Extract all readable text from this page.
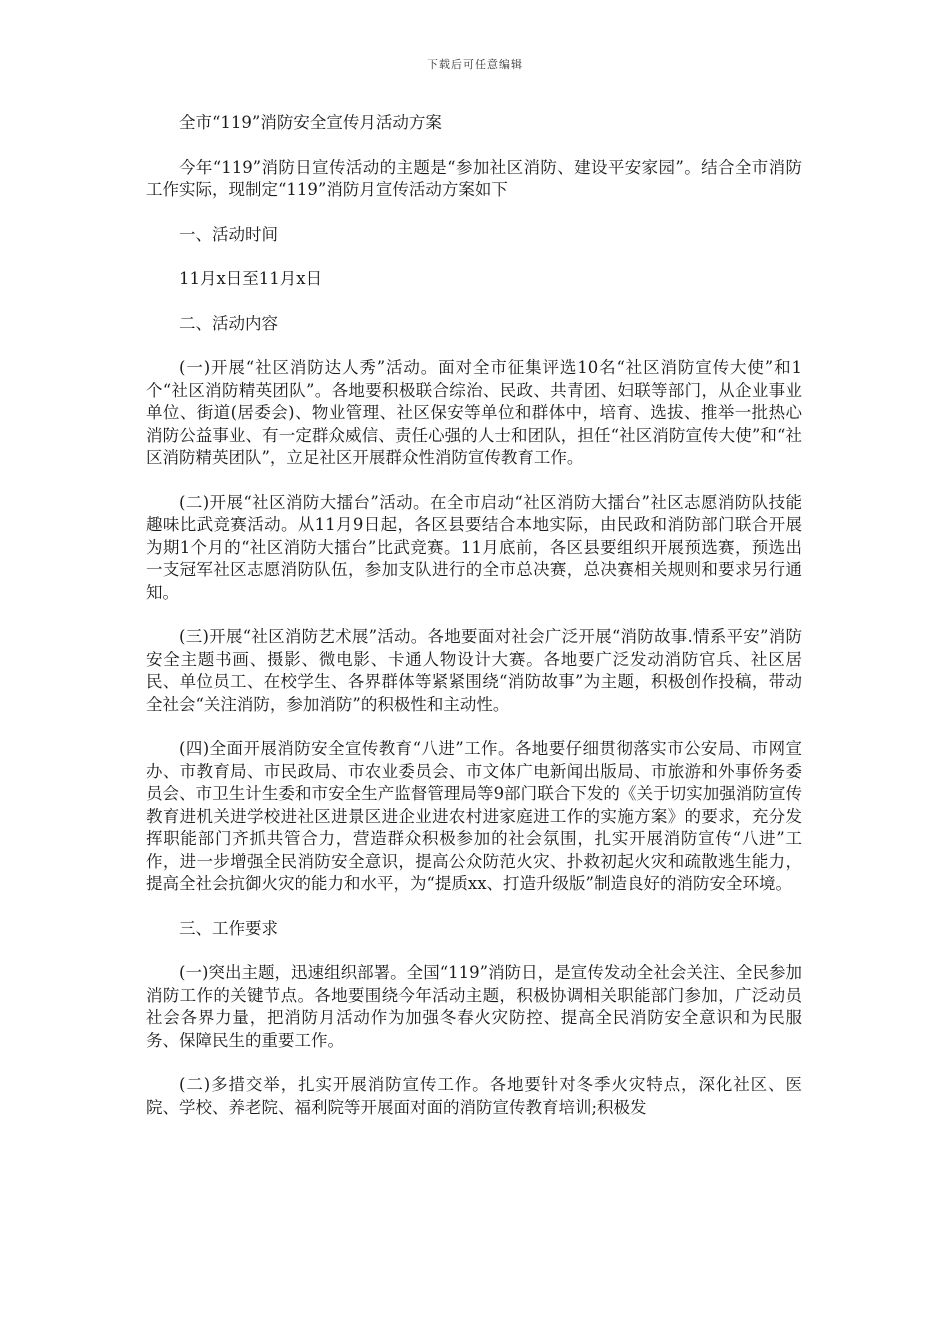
下载后可任意编辑

全市“119”消防安全宣传月活动方案

今年“119”消防日宣传活动的主题是“参加社区消防、建设平安家园”。结合全市消防工作实际，现制定“119”消防月宣传活动方案如下

一、活动时间

11月x日至11月x日

二、活动内容

(一)开展“社区消防达人秀”活动。面对全市征集评选10名“社区消防宣传大使”和1个“社区消防精英团队”。各地要积极联合综治、民政、共青团、妇联等部门，从企业事业单位、街道(居委会)、物业管理、社区保安等单位和群体中，培育、选拔、推举一批热心消防公益事业、有一定群众威信、责任心强的人士和团队，担任“社区消防宣传大使”和“社区消防精英团队”，立足社区开展群众性消防宣传教育工作。

(二)开展“社区消防大擂台”活动。在全市启动“社区消防大擂台”社区志愿消防队技能趣味比武竞赛活动。从11月9日起，各区县要结合本地实际，由民政和消防部门联合开展为期1个月的“社区消防大擂台”比武竞赛。11月底前，各区县要组织开展预选赛，预选出一支冠军社区志愿消防队伍，参加支队进行的全市总决赛，总决赛相关规则和要求另行通知。

(三)开展“社区消防艺术展”活动。各地要面对社会广泛开展“消防故事.情系平安”消防安全主题书画、摄影、微电影、卡通人物设计大赛。各地要广泛发动消防官兵、社区居民、单位员工、在校学生、各界群体等紧紧围绕“消防故事”为主题，积极创作投稿，带动全社会“关注消防，参加消防”的积极性和主动性。

(四)全面开展消防安全宣传教育“八进”工作。各地要仔细贯彻落实市公安局、市网宣办、市教育局、市民政局、市农业委员会、市文体广电新闻出版局、市旅游和外事侨务委员会、市卫生计生委和市安全生产监督管理局等9部门联合下发的《关于切实加强消防宣传教育进机关进学校进社区进景区进企业进农村进家庭进工作的实施方案》的要求，充分发挥职能部门齐抓共管合力，营造群众积极参加的社会氛围，扎实开展消防宣传“八进”工作，进一步增强全民消防安全意识，提高公众防范火灾、扑救初起火灾和疏散逃生能力，提高全社会抗御火灾的能力和水平，为“提质xx、打造升级版”制造良好的消防安全环境。

三、工作要求

(一)突出主题，迅速组织部署。全国“119”消防日，是宣传发动全社会关注、全民参加消防工作的关键节点。各地要围绕今年活动主题，积极协调相关职能部门参加，广泛动员社会各界力量，把消防月活动作为加强冬春火灾防控、提高全民消防安全意识和为民服务、保障民生的重要工作。

(二)多措交举，扎实开展消防宣传工作。各地要针对冬季火灾特点，深化社区、医院、学校、养老院、福利院等开展面对面的消防宣传教育培训;积极发
